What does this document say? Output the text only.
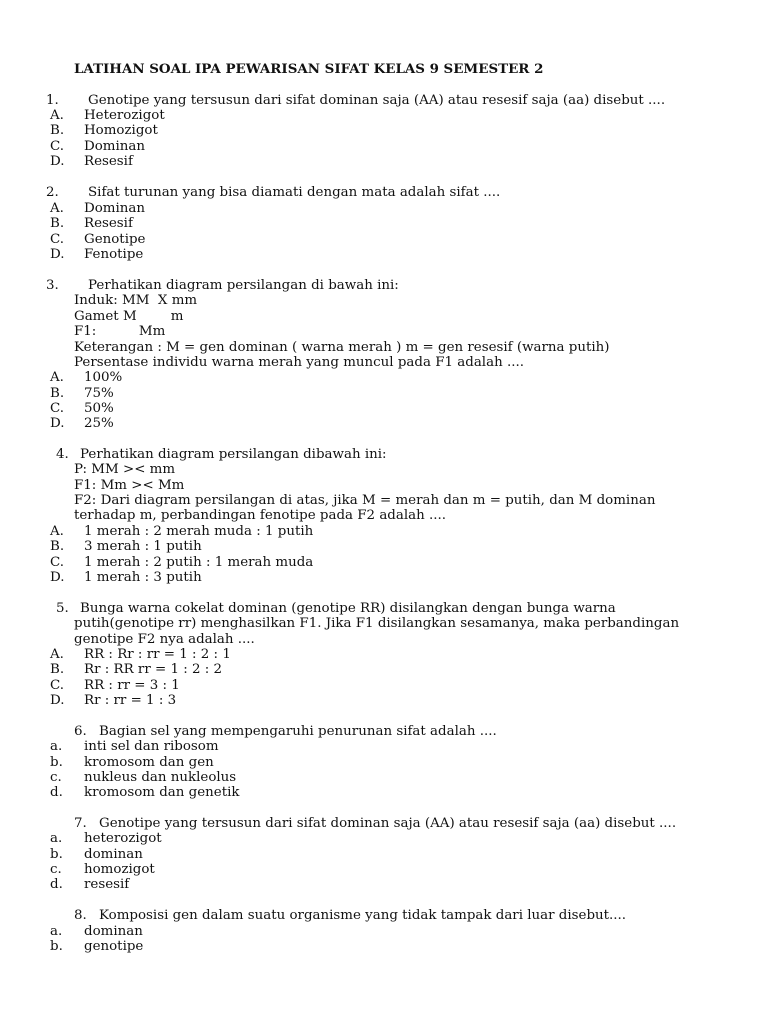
LATIHAN SOAL IPA PEWARISAN SIFAT KELAS 9 SEMESTER 2
1. Genotipe yang tersusun dari sifat dominan saja (AA) atau resesif saja (aa) disebut ....
A. Heterozigot
B. Homozigot
C. Dominan
D. Resesif
2. Sifat turunan yang bisa diamati dengan mata adalah sifat ....
A. Dominan
B. Resesif
C. Genotipe
D. Fenotipe
3. Perhatikan diagram persilangan di bawah ini:
Induk: MM  X mm
Gamet M        m
F1:          Mm
Keterangan : M = gen dominan ( warna merah ) m = gen resesif (warna putih)
Persentase individu warna merah yang muncul pada F1 adalah ....
A. 100%
B. 75%
C. 50%
D. 25%
4. Perhatikan diagram persilangan dibawah ini:
P: MM >< mm
F1: Mm >< Mm
F2: Dari diagram persilangan di atas, jika M = merah dan m = putih, dan M dominan
terhadap m, perbandingan fenotipe pada F2 adalah ....
A. 1 merah : 2 merah muda : 1 putih
B. 3 merah : 1 putih
C. 1 merah : 2 putih : 1 merah muda
D. 1 merah : 3 putih
5. Bunga warna cokelat dominan (genotipe RR) disilangkan dengan bunga warna
putih(genotipe rr) menghasilkan F1. Jika F1 disilangkan sesamanya, maka perbandingan
genotipe F2 nya adalah ....
A. RR : Rr : rr = 1 : 2 : 1
B. Rr : RR rr = 1 : 2 : 2
C. RR : rr = 3 : 1
D. Rr : rr = 1 : 3
6. Bagian sel yang mempengaruhi penurunan sifat adalah ....
a. inti sel dan ribosom
b. kromosom dan gen
c. nukleus dan nukleolus
d. kromosom dan genetik
7. Genotipe yang tersusun dari sifat dominan saja (AA) atau resesif saja (aa) disebut ....
a. heterozigot
b. dominan
c. homozigot
d. resesif
8. Komposisi gen dalam suatu organisme yang tidak tampak dari luar disebut....
a. dominan
b. genotipe
